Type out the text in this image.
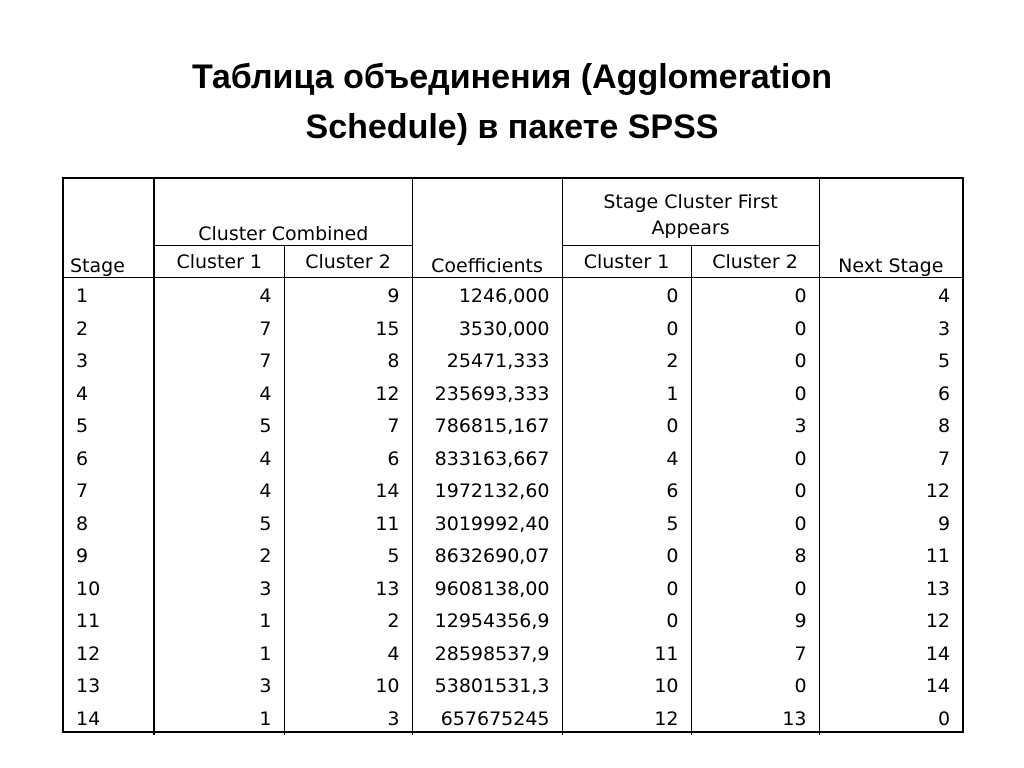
Таблица объединения (Agglomeration
Schedule) в пакете SPSS
Stage	Cluster Combined		Coefficients	Stage Cluster First Appears		Next Stage
	Cluster 1	Cluster 2		Cluster 1	Cluster 2	
1	4	9	1246,000	0	0	4
2	7	15	3530,000	0	0	3
3	7	8	25471,333	2	0	5
4	4	12	235693,333	1	0	6
5	5	7	786815,167	0	3	8
6	4	6	833163,667	4	0	7
7	4	14	1972132,60	6	0	12
8	5	11	3019992,40	5	0	9
9	2	5	8632690,07	0	8	11
10	3	13	9608138,00	0	0	13
11	1	2	12954356,9	0	9	12
12	1	4	28598537,9	11	7	14
13	3	10	53801531,3	10	0	14
14	1	3	657675245	12	13	0
